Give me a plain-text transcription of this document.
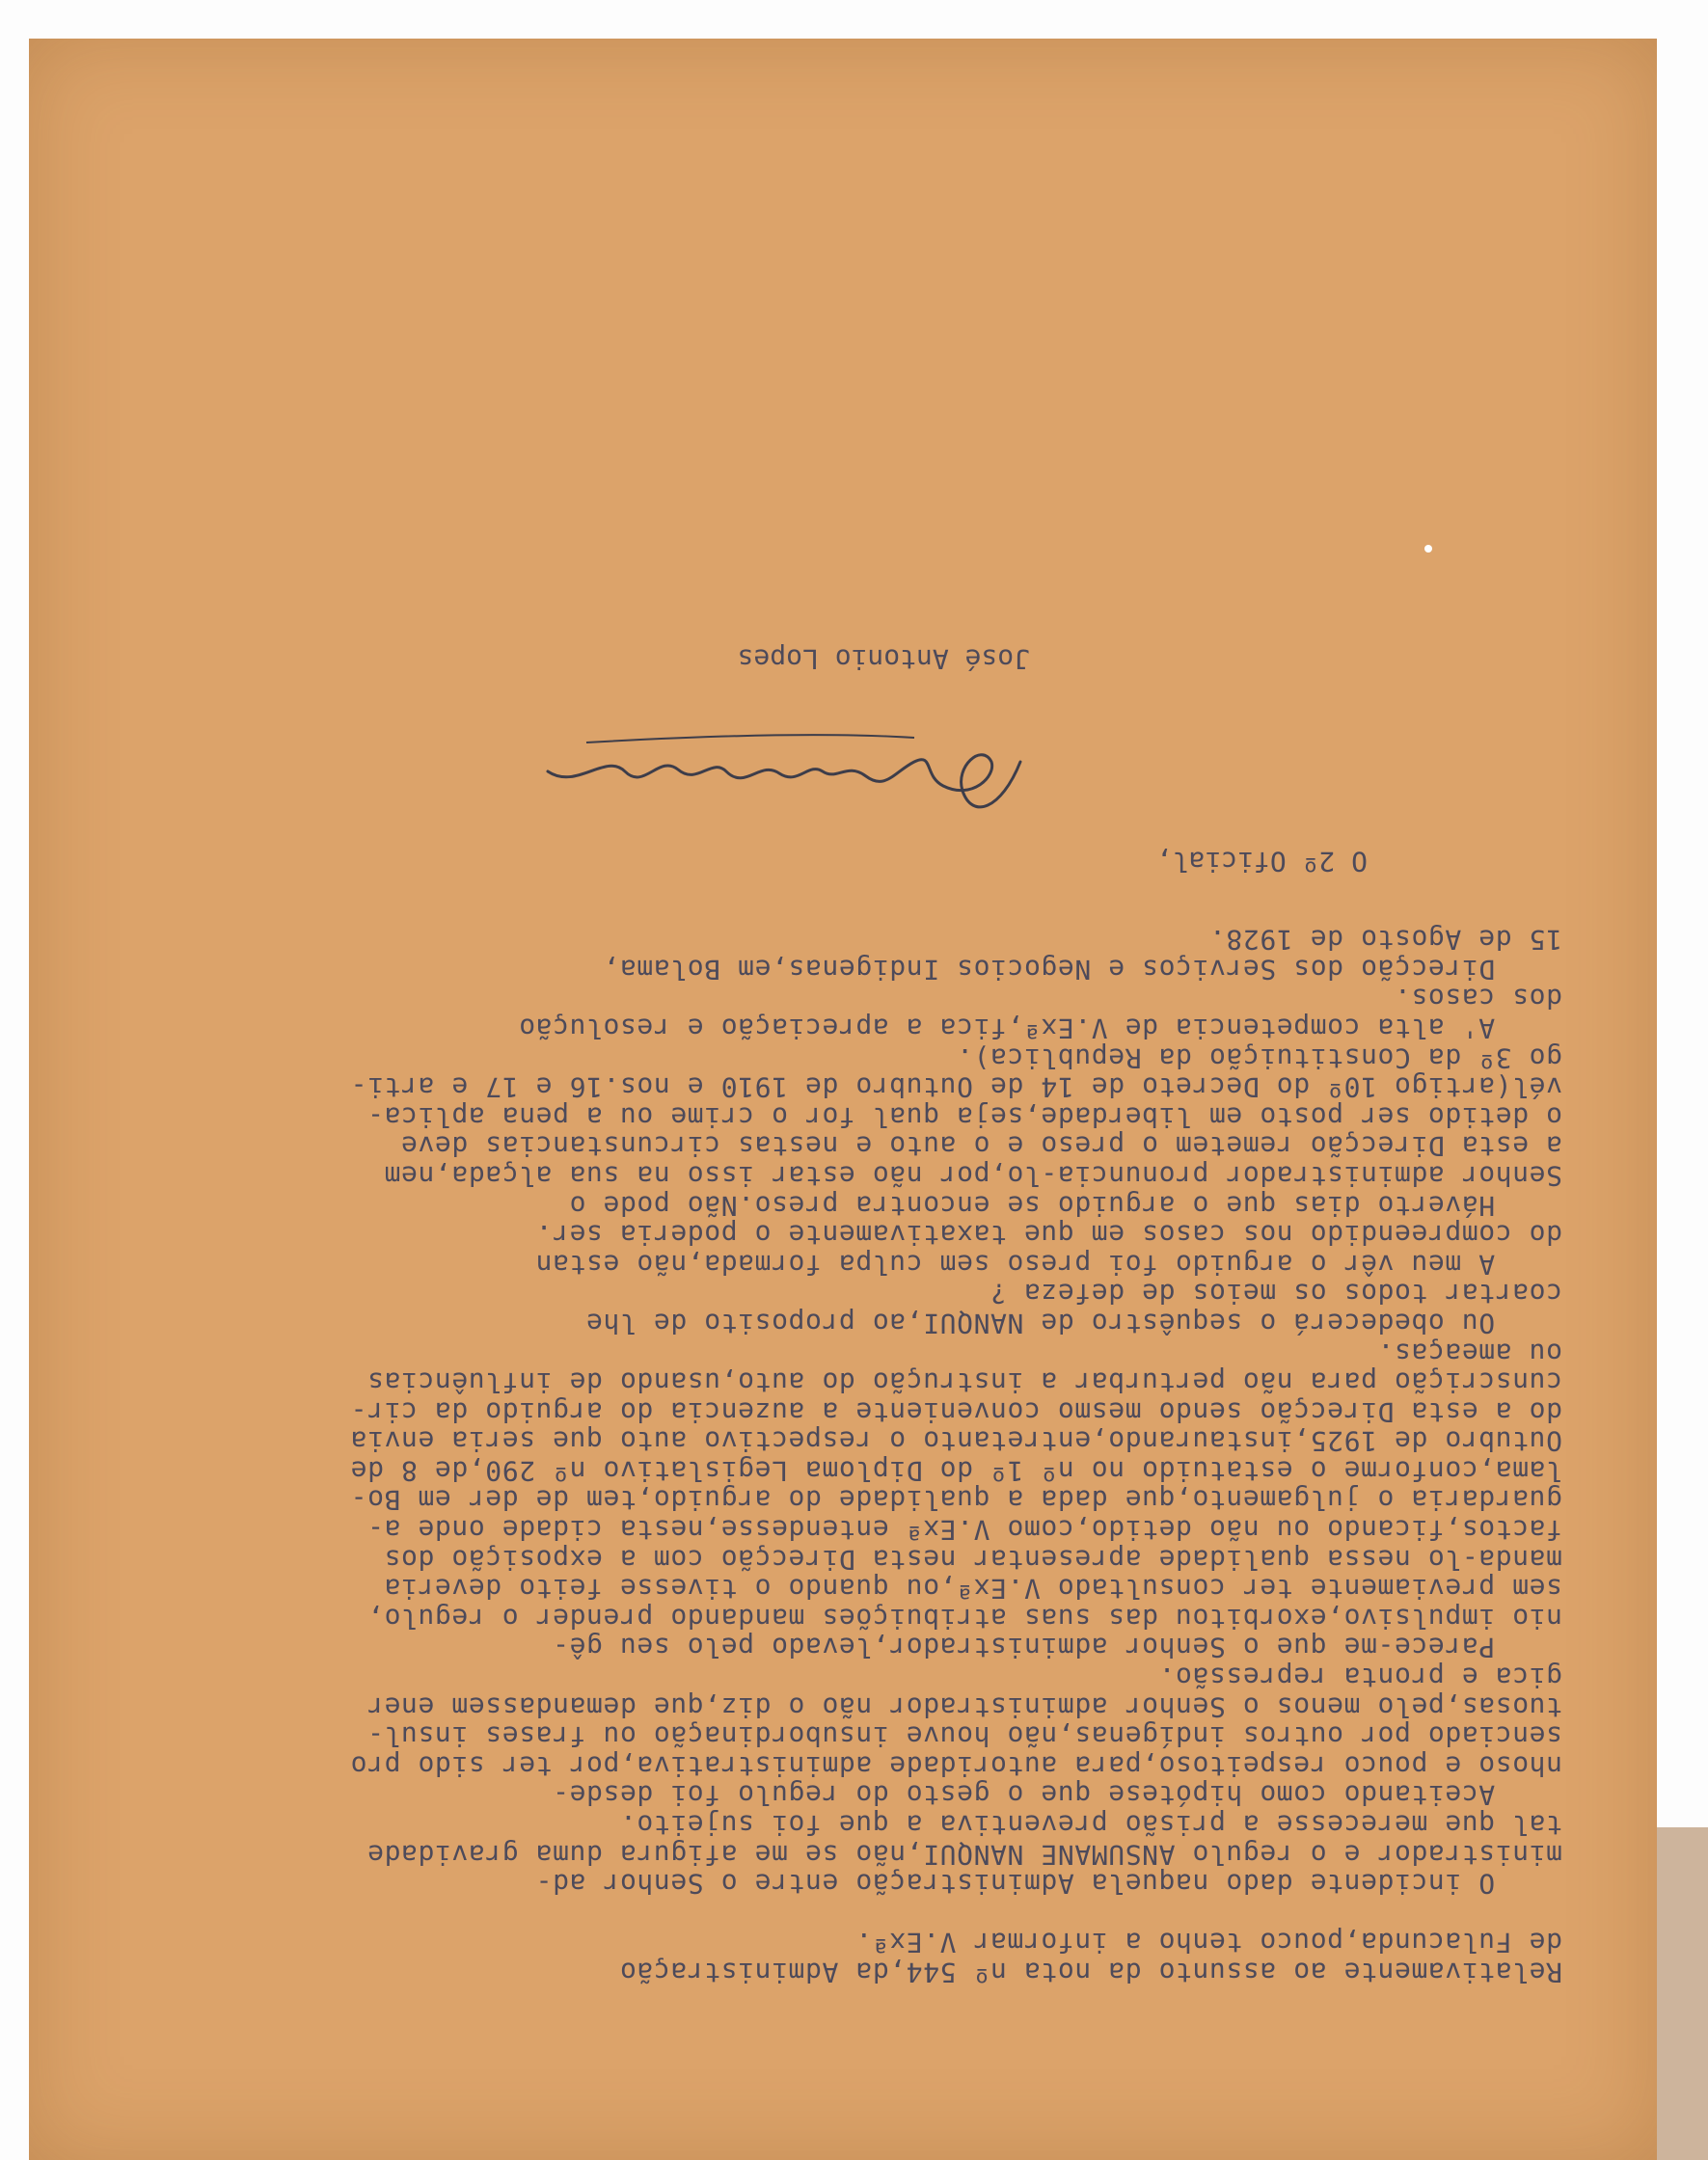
Relativamente ao assunto da nota nº 544,da Administração
de Fulacunda,pouco tenho a informar V.Exª.
O incidente dado naquela Administração entre o Senhor ad-
ministrador e o regulo ANSUMANE NANQUI,não se me afigura duma gravidade
tal que merecesse a prisão preventiva a que foi sujeito.
Aceitando como hipótese que o gesto do regulo foi desde-
nhoso e pouco respeitoso,para autoridade administrativa,por ter sido pro
senciado por outros indígenas,não houve insubordinação ou frases insul-
tuosas,pelo menos o Senhor administrador não o diz,que demandassem ener
gica e pronta repressão.
Parece-me que o Senhor administrador,levado pelo seu gê-
nio impulsivo,exorbitou das suas atribuições mandando prender o regulo,
sem previamente ter consultado V.Exª,ou quando o tivesse feito deveria
manda-lo nessa qualidade apresentar nesta Direcção com a exposição dos
factos,ficando ou não detido,como V.Exª entendesse,nesta cidade onde a-
guardaria o julgamento,que dada a qualidade do arguido,tem de der em Bo-
lama,conforme o estatuido no nº 1º do Diploma Legislativo nº 290,de 8 de
Outubro de 1925,instaurando,entretanto o respectivo auto que seria envia
do a esta Direcção sendo mesmo conveniente a auzencia do arguido da cir-
cunscrição para não perturbar a instrução do auto,usando de influências
ou ameaças.
Ou obedecerá o sequêstro de NANQUI,ao proposito de lhe
coartar todos os meios de defeza ?
A meu vêr o arguido foi preso sem culpa formada,não estan
do compreendido nos casos em que taxativamente o poderia ser.
Háverto dias que o arguido se encontra preso.Não pode o
Senhor administrador pronuncia-lo,por não estar isso na sua alçada,nem
a esta Direcção remetem o preso e o auto e nestas circunstancias deve
o detido ser posto em liberdade,seja qual for o crime ou a pena aplica-
vél(artigo 10º do Decreto de 14 de Outubro de 1910 e nos.16 e 17 e arti-
go 3º da Constituição da Republica).
A' alta competencia de V.Exª,fica a apreciação e resolução
dos casos.
Direcção dos Serviços e Negocios Indigenas,em Bolama,
15 de Agosto de 1928.
O 2º Oficial,
José Antonio Lopes
